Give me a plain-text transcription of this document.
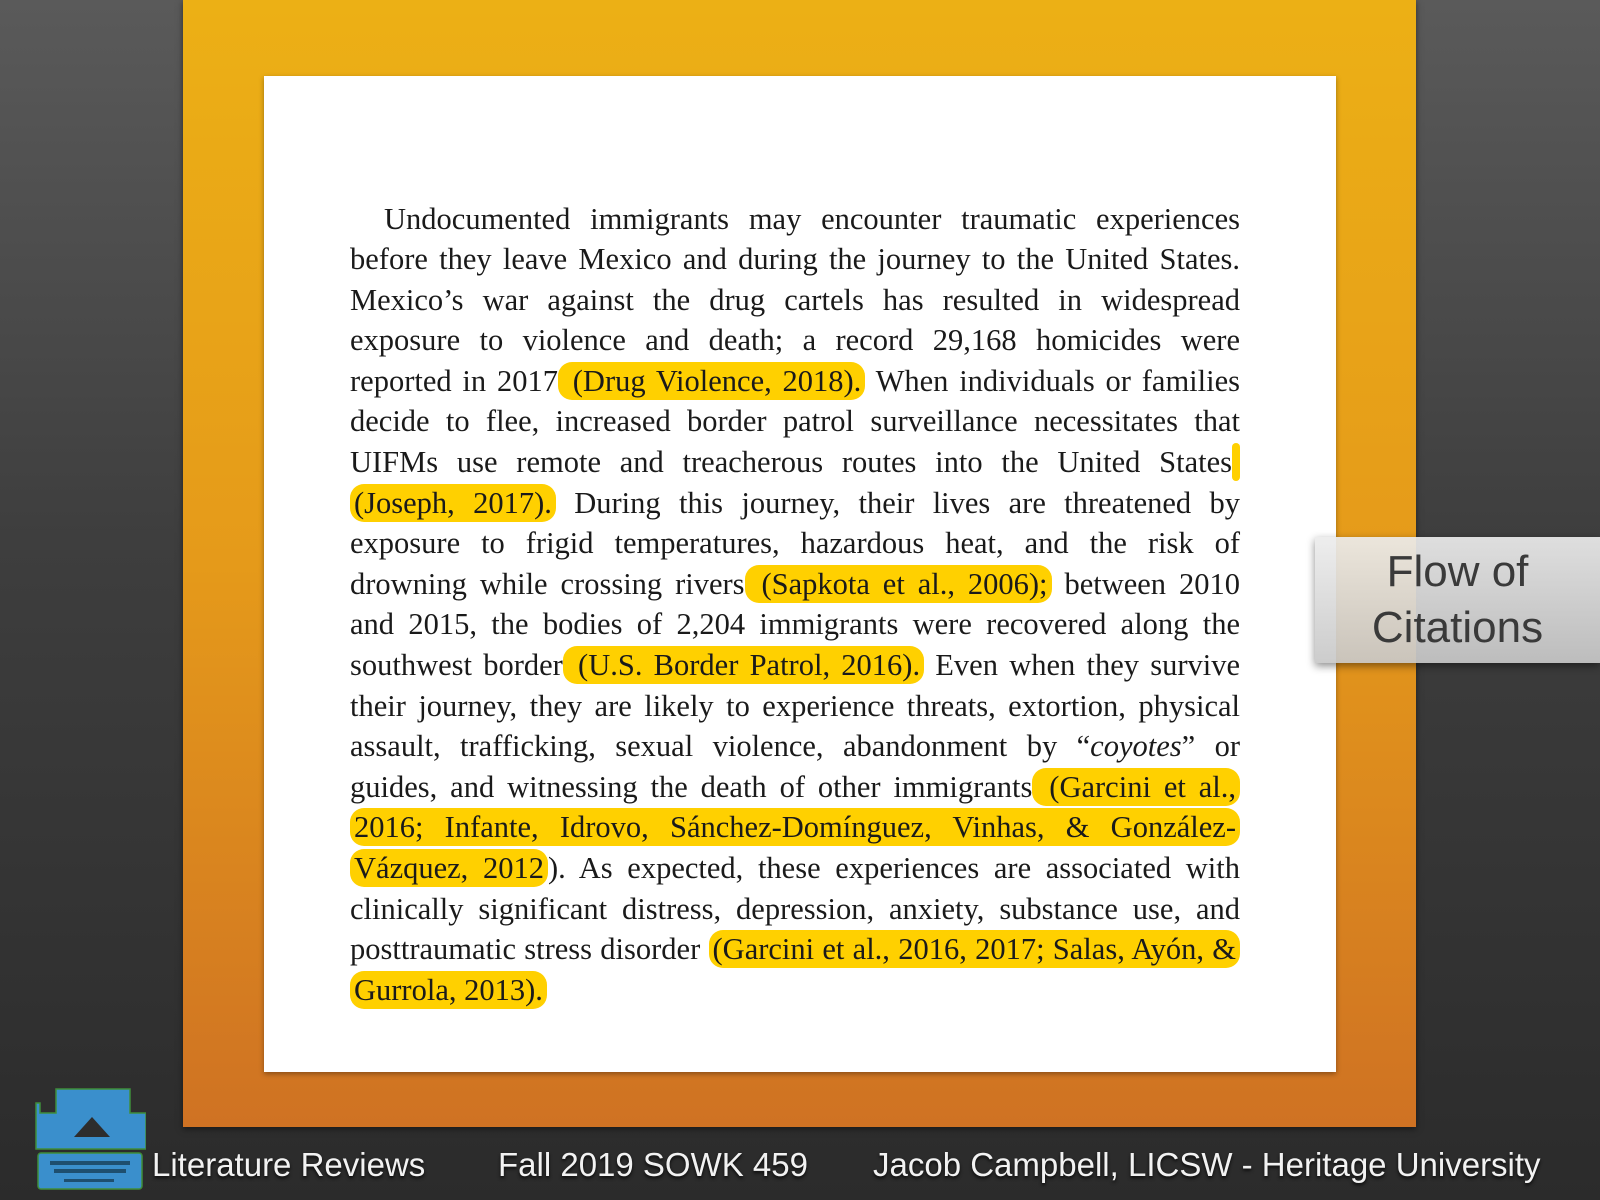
Undocumented immigrants may encounter traumatic experiences before they leave Mexico and during the journey to the United States. Mexico’s war against the drug cartels has resulted in widespread exposure to violence and death; a record 29,168 homicides were reported in 2017 (Drug Violence, 2018). When individuals or families decide to flee, increased border patrol surveillance necessitates that UIFMs use remote and treacherous routes into the United States (Joseph, 2017). During this journey, their lives are threatened by exposure to frigid temperatures, hazardous heat, and the risk of drowning while crossing rivers (Sapkota et al., 2006); between 2010 and 2015, the bodies of 2,204 immigrants were recovered along the southwest border (U.S. Border Patrol, 2016). Even when they survive their journey, they are likely to experience threats, extortion, physical assault, trafficking, sexual violence, abandonment by “coyotes” or guides, and witnessing the death of other immigrants (Garcini et al., 2016; Infante, Idrovo, Sánchez-Domínguez, Vinhas, & González-Vázquez, 2012 ). As expected, these experiences are associated with clinically significant distress, depression, anxiety, substance use, and posttraumatic stress disorder (Garcini et al., 2016, 2017; Salas, Ayón, & Gurrola, 2013).

Flow of
Citations
Literature Reviews Fall 2019 SOWK 459 Jacob Campbell, LICSW - Heritage University
